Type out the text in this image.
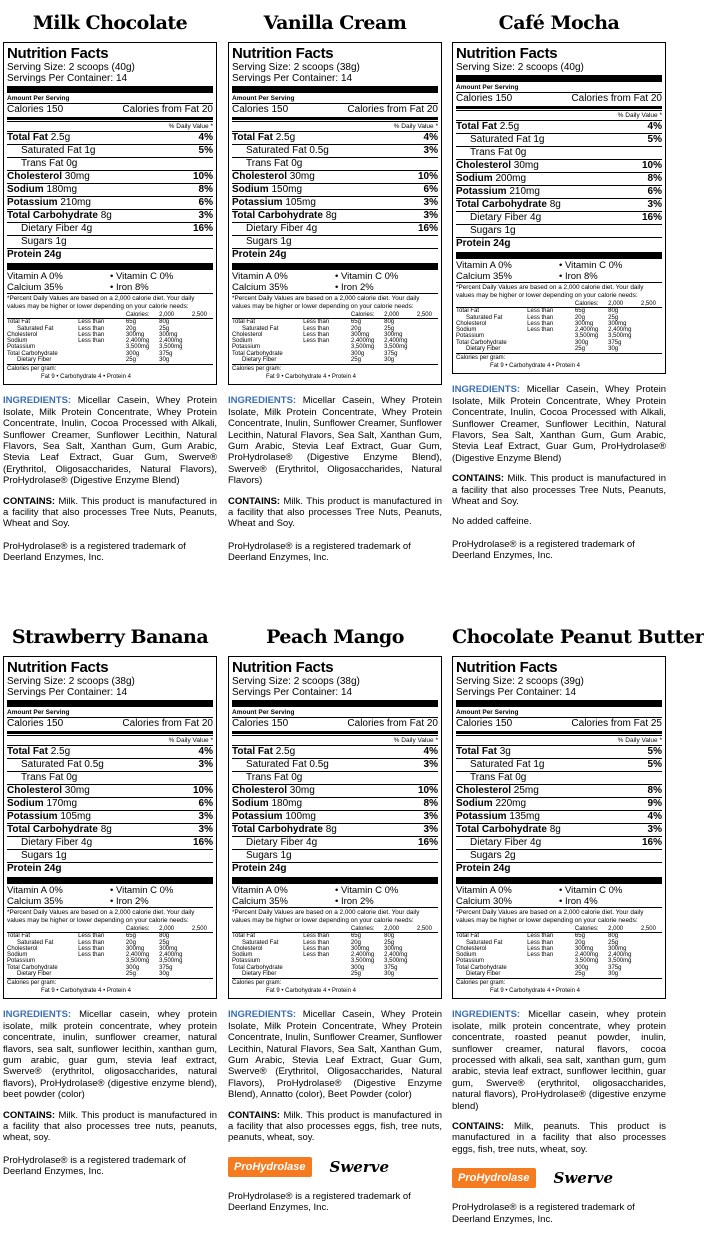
Milk Chocolate
Nutrition Facts
Serving Size: 2 scoops (40g)
Servings Per Container: 14
Amount Per Serving
Calories 150	Calories from Fat 20
% Daily Value *
Total Fat 2.5g	4%
Saturated Fat 1g	5%
Trans Fat 0g
Cholesterol 30mg	10%
Sodium 180mg	8%
Potassium 210mg	6%
Total Carbohydrate 8g	3%
Dietary Fiber 4g	16%
Sugars 1g
Protein 24g
Vitamin A 0%	• Vitamin C 0%
Calcium 35%	• Iron 8%
*Percent Daily Values are based on a 2,000 calorie diet. Your daily values may be higher or lower depending on your calorie needs:
		Calories:	2,000	2,500
Total Fat	Less than	65g	80g	
Saturated Fat	Less than	20g	25g	
Cholesterol	Less than	300mg	300mg	
Sodium	Less than	2,400mg	2,400mg	
Potassium		3,500mg	3,500mg	
Total Carbohydrate		300g	375g	
Dietary Fiber		25g	30g	
Calories per gram:
Fat 9 • Carbohydrate 4 • Protein 4
INGREDIENTS: Micellar Casein, Whey Protein Isolate, Milk Protein Concentrate, Whey Protein Concentrate, Inulin, Cocoa Processed with Alkali, Sunflower Creamer, Sunflower Lecithin, Natural Flavors, Sea Salt, Xanthan Gum, Gum Arabic, Stevia Leaf Extract, Guar Gum, Swerve® (Erythritol, Oligosaccharides, Natural Flavors), ProHydrolase® (Digestive Enzyme Blend)
CONTAINS: Milk. This product is manufactured in a facility that also processes Tree Nuts, Peanuts, Wheat and Soy.
ProHydrolase® is a registered trademark of Deerland Enzymes, Inc.
Vanilla Cream
Nutrition Facts
Serving Size: 2 scoops (38g)
Servings Per Container: 14
Amount Per Serving
Calories 150	Calories from Fat 20
% Daily Value *
Total Fat 2.5g	4%
Saturated Fat 0.5g	3%
Trans Fat 0g
Cholesterol 30mg	10%
Sodium 150mg	6%
Potassium 105mg	3%
Total Carbohydrate 8g	3%
Dietary Fiber 4g	16%
Sugars 1g
Protein 24g
Vitamin A 0%	• Vitamin C 0%
Calcium 35%	• Iron 2%
*Percent Daily Values are based on a 2,000 calorie diet. Your daily values may be higher or lower depending on your calorie needs:
		Calories:	2,000	2,500
Total Fat	Less than	65g	80g	
Saturated Fat	Less than	20g	25g	
Cholesterol	Less than	300mg	300mg	
Sodium	Less than	2,400mg	2,400mg	
Potassium		3,500mg	3,500mg	
Total Carbohydrate		300g	375g	
Dietary Fiber		25g	30g	
Calories per gram:
Fat 9 • Carbohydrate 4 • Protein 4
INGREDIENTS: Micellar Casein, Whey Protein Isolate, Milk Protein Concentrate, Whey Protein Concentrate, Inulin, Sunflower Creamer, Sunflower Lecithin, Natural Flavors, Sea Salt, Xanthan Gum, Gum Arabic, Stevia Leaf Extract, Guar Gum, ProHydrolase® (Digestive Enzyme Blend), Swerve® (Erythritol, Oligosaccharides, Natural Flavors)
CONTAINS: Milk. This product is manufactured in a facility that also processes Tree Nuts, Peanuts, Wheat and Soy.
ProHydrolase® is a registered trademark of Deerland Enzymes, Inc.
Café Mocha
Nutrition Facts
Serving Size: 2 scoops (40g)
Amount Per Serving
Calories 150	Calories from Fat 20
% Daily Value *
Total Fat 2.5g	4%
Saturated Fat 1g	5%
Trans Fat 0g
Cholesterol 30mg	10%
Sodium 200mg	8%
Potassium 210mg	6%
Total Carbohydrate 8g	3%
Dietary Fiber 4g	16%
Sugars 1g
Protein 24g
Vitamin A 0%	• Vitamin C 0%
Calcium 35%	• Iron 8%
*Percent Daily Values are based on a 2,000 calorie diet. Your daily values may be higher or lower depending on your calorie needs:
		Calories:	2,000	2,500
Total Fat	Less than	65g	80g	
Saturated Fat	Less than	20g	25g	
Cholesterol	Less than	300mg	300mg	
Sodium	Less than	2,400mg	2,400mg	
Potassium		3,500mg	3,500mg	
Total Carbohydrate		300g	375g	
Dietary Fiber		25g	30g	
Calories per gram:
Fat 9 • Carbohydrate 4 • Protein 4
INGREDIENTS: Micellar Casein, Whey Protein Isolate, Milk Protein Concentrate, Whey Protein Concentrate, Inulin, Cocoa Processed with Alkali, Sunflower Creamer, Sunflower Lecithin, Natural Flavors, Sea Salt, Xanthan Gum, Gum Arabic, Stevia Leaf Extract, Guar Gum, ProHydrolase® (Digestive Enzyme Blend)
CONTAINS: Milk. This product is manufactured in a facility that also processes Tree Nuts, Peanuts, Wheat and Soy.
No added caffeine.
ProHydrolase® is a registered trademark of Deerland Enzymes, Inc.
Strawberry Banana
Nutrition Facts
Serving Size: 2 scoops (38g)
Servings Per Container: 14
Amount Per Serving
Calories 150	Calories from Fat 20
% Daily Value *
Total Fat 2.5g	4%
Saturated Fat 0.5g	3%
Trans Fat 0g
Cholesterol 30mg	10%
Sodium 170mg	6%
Potassium 105mg	3%
Total Carbohydrate 8g	3%
Dietary Fiber 4g	16%
Sugars 1g
Protein 24g
Vitamin A 0%	• Vitamin C 0%
Calcium 35%	• Iron 2%
*Percent Daily Values are based on a 2,000 calorie diet. Your daily values may be higher or lower depending on your calorie needs:
		Calories:	2,000	2,500
Total Fat	Less than	65g	80g	
Saturated Fat	Less than	20g	25g	
Cholesterol	Less than	300mg	300mg	
Sodium	Less than	2,400mg	2,400mg	
Potassium		3,500mg	3,500mg	
Total Carbohydrate		300g	375g	
Dietary Fiber		25g	30g	
Calories per gram:
Fat 9 • Carbohydrate 4 • Protein 4
INGREDIENTS: Micellar casein, whey protein isolate, milk protein concentrate, whey protein concentrate, inulin, sunflower creamer, natural flavors, sea salt, sunflower lecithin, xanthan gum, gum arabic, guar gum, stevia leaf extract, Swerve® (erythritol, oligosaccharides, natural flavors), ProHydrolase® (digestive enzyme blend), beet powder (color)
CONTAINS: Milk. This product is manufactured in a facility that also processes tree nuts, peanuts, wheat, soy.
ProHydrolase® is a registered trademark of Deerland Enzymes, Inc.
Peach Mango
Nutrition Facts
Serving Size: 2 scoops (38g)
Servings Per Container: 14
Amount Per Serving
Calories 150	Calories from Fat 20
% Daily Value *
Total Fat 2.5g	4%
Saturated Fat 0.5g	3%
Trans Fat 0g
Cholesterol 30mg	10%
Sodium 180mg	8%
Potassium 100mg	3%
Total Carbohydrate 8g	3%
Dietary Fiber 4g	16%
Sugars 1g
Protein 24g
Vitamin A 0%	• Vitamin C 0%
Calcium 35%	• Iron 2%
*Percent Daily Values are based on a 2,000 calorie diet. Your daily values may be higher or lower depending on your calorie needs:
		Calories:	2,000	2,500
Total Fat	Less than	65g	80g	
Saturated Fat	Less than	20g	25g	
Cholesterol	Less than	300mg	300mg	
Sodium	Less than	2,400mg	2,400mg	
Potassium		3,500mg	3,500mg	
Total Carbohydrate		300g	375g	
Dietary Fiber		25g	30g	
Calories per gram:
Fat 9 • Carbohydrate 4 • Protein 4
INGREDIENTS: Micellar Casein, Whey Protein Isolate, Milk Protein Concentrate, Whey Protein Concentrate, Inulin, Sunflower Creamer, Sunflower Lecithin, Natural Flavors, Sea Salt, Xanthan Gum, Gum Arabic, Stevia Leaf Extract, Guar Gum, Swerve® (Erythritol, Oligosaccharides, Natural Flavors), ProHydrolase® (Digestive Enzyme Blend), Annatto (color), Beet Powder (color)
CONTAINS: Milk. This product is manufactured in a facility that also processes eggs, fish, tree nuts, peanuts, wheat, soy.
ProHydrolase	Swerve
ProHydrolase® is a registered trademark of Deerland Enzymes, Inc.
Chocolate Peanut Butter
Nutrition Facts
Serving Size: 2 scoops (39g)
Servings Per Container: 14
Amount Per Serving
Calories 150	Calories from Fat 25
% Daily Value *
Total Fat 3g	5%
Saturated Fat 1g	5%
Trans Fat 0g
Cholesterol 25mg	8%
Sodium 220mg	9%
Potassium 135mg	4%
Total Carbohydrate 8g	3%
Dietary Fiber 4g	16%
Sugars 2g
Protein 24g
Vitamin A 0%	• Vitamin C 0%
Calcium 30%	• Iron 4%
*Percent Daily Values are based on a 2,000 calorie diet. Your daily values may be higher or lower depending on your calorie needs:
		Calories:	2,000	2,500
Total Fat	Less than	65g	80g	
Saturated Fat	Less than	20g	25g	
Cholesterol	Less than	300mg	300mg	
Sodium	Less than	2,400mg	2,400mg	
Potassium		3,500mg	3,500mg	
Total Carbohydrate		300g	375g	
Dietary Fiber		25g	30g	
Calories per gram:
Fat 9 • Carbohydrate 4 • Protein 4
INGREDIENTS: Micellar casein, whey protein isolate, milk protein concentrate, whey protein concentrate, roasted peanut powder, inulin, sunflower creamer, natural flavors, cocoa processed with alkali, sea salt, xanthan gum, gum arabic, stevia leaf extract, sunflower lecithin, guar gum, Swerve® (erythritol, oligosaccharides, natural flavors), ProHydrolase® (digestive enzyme blend)
CONTAINS: Milk, peanuts. This product is manufactured in a facility that also processes eggs, fish, tree nuts, wheat, soy.
ProHydrolase	Swerve
ProHydrolase® is a registered trademark of Deerland Enzymes, Inc.
